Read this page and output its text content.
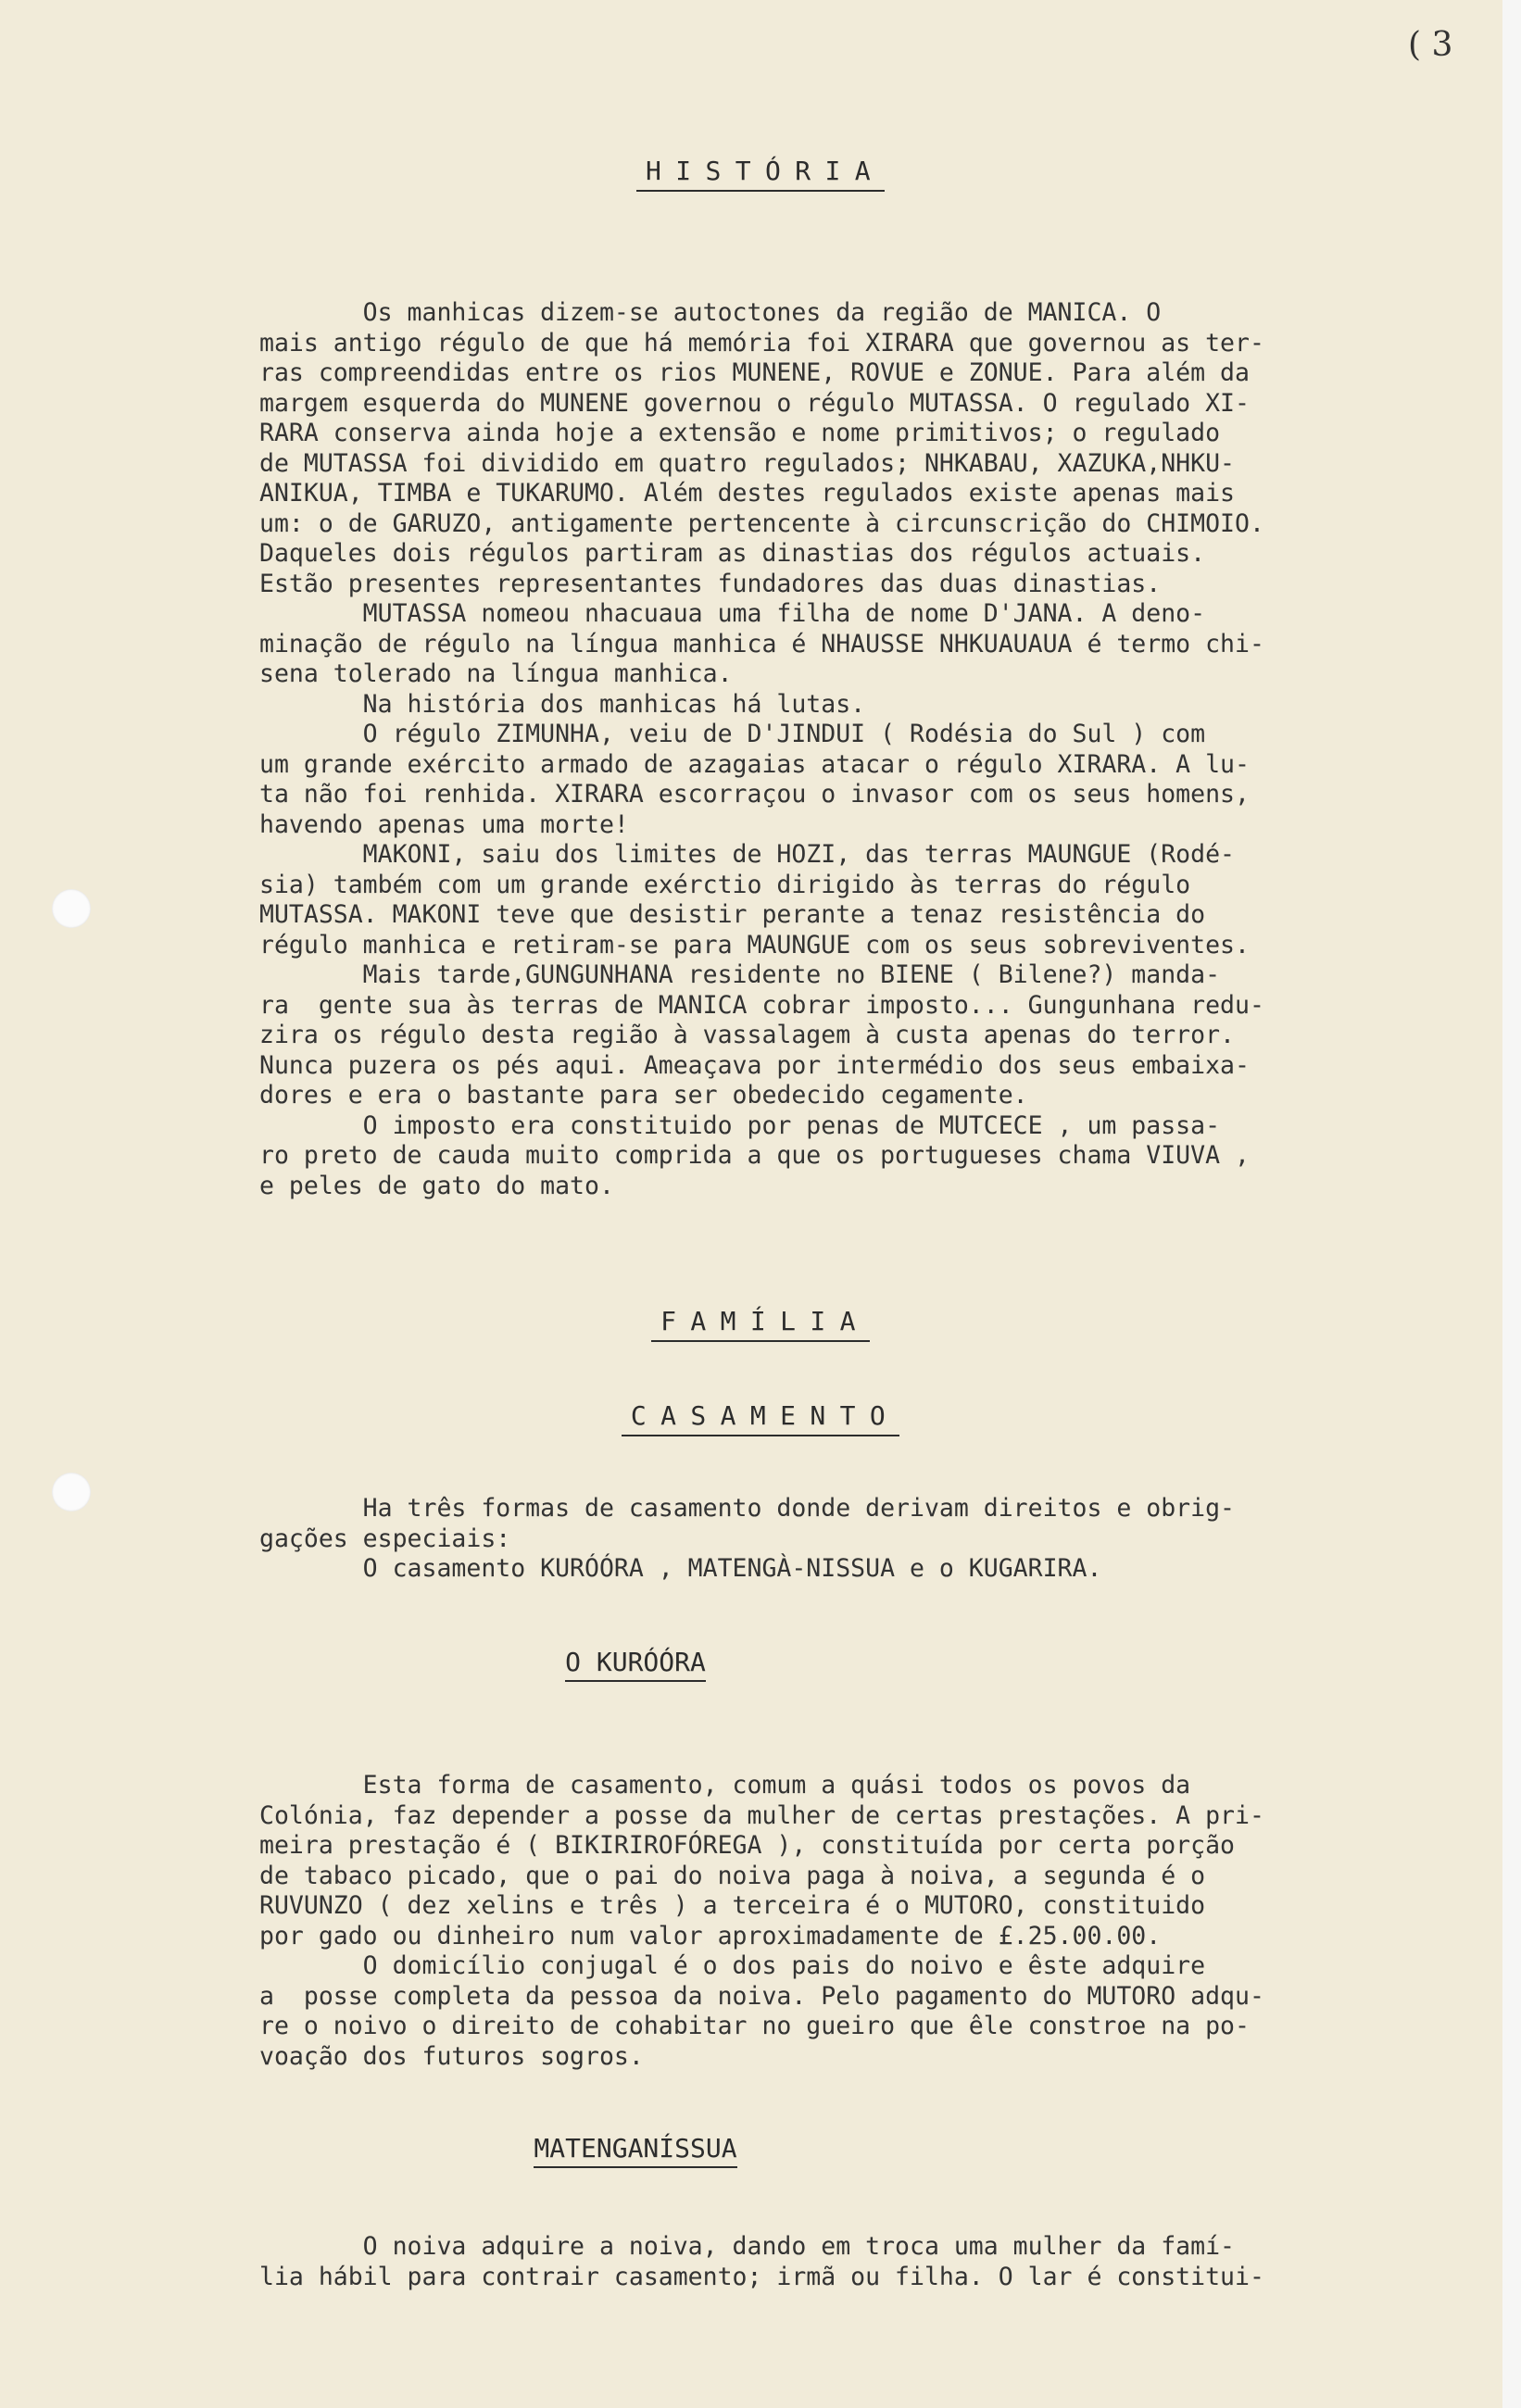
( 3
HISTÓRIA
Os manhicas dizem-se autoctones da região de MANICA. O
mais antigo régulo de que há memória foi XIRARA que governou as ter-
ras compreendidas entre os rios MUNENE, ROVUE e ZONUE. Para além da
margem esquerda do MUNENE governou o régulo MUTASSA. O regulado XI-
RARA conserva ainda hoje a extensão e nome primitivos; o regulado
de MUTASSA foi dividido em quatro regulados; NHKABAU, XAZUKA,NHKU-
ANIKUA, TIMBA e TUKARUMO. Além destes regulados existe apenas mais
um: o de GARUZO, antigamente pertencente à circunscrição do CHIMOIO.
Daqueles dois régulos partiram as dinastias dos régulos actuais.
Estão presentes representantes fundadores das duas dinastias.
MUTASSA nomeou nhacuaua uma filha de nome D'JANA. A deno-
minação de régulo na língua manhica é NHAUSSE NHKUAUAUA é termo chi-
sena tolerado na língua manhica.
Na história dos manhicas há lutas.
O régulo ZIMUNHA, veiu de D'JINDUI ( Rodésia do Sul ) com
um grande exército armado de azagaias atacar o régulo XIRARA. A lu-
ta não foi renhida. XIRARA escorraçou o invasor com os seus homens,
havendo apenas uma morte!
MAKONI, saiu dos limites de HOZI, das terras MAUNGUE (Rodé-
sia) também com um grande exérctio dirigido às terras do régulo
MUTASSA. MAKONI teve que desistir perante a tenaz resistência do
régulo manhica e retiram-se para MAUNGUE com os seus sobreviventes.
Mais tarde,GUNGUNHANA residente no BIENE ( Bilene?) manda-
ra  gente sua às terras de MANICA cobrar imposto... Gungunhana redu-
zira os régulo desta região à vassalagem à custa apenas do terror.
Nunca puzera os pés aqui. Ameaçava por intermédio dos seus embaixa-
dores e era o bastante para ser obedecido cegamente.
O imposto era constituido por penas de MUTCECE , um passa-
ro preto de cauda muito comprida a que os portugueses chama VIUVA ,
e peles de gato do mato.
FAMÍLIA
CASAMENTO
Ha três formas de casamento donde derivam direitos e obrig-
gações especiais:
O casamento KURÓÓRA , MATENGÀ-NISSUA e o KUGARIRA.
O KURÓÓRA
Esta forma de casamento, comum a quási todos os povos da
Colónia, faz depender a posse da mulher de certas prestações. A pri-
meira prestação é ( BIKIRIROFÓREGA ), constituída por certa porção
de tabaco picado, que o pai do noiva paga à noiva, a segunda é o
RUVUNZO ( dez xelins e três ) a terceira é o MUTORO, constituido
por gado ou dinheiro num valor aproximadamente de £.25.00.00.
O domicílio conjugal é o dos pais do noivo e êste adquire
a  posse completa da pessoa da noiva. Pelo pagamento do MUTORO adqu-
re o noivo o direito de cohabitar no gueiro que êle constroe na po-
voação dos futuros sogros.
MATENGANÍSSUA
O noiva adquire a noiva, dando em troca uma mulher da famí-
lia hábil para contrair casamento; irmã ou filha. O lar é constitui-
